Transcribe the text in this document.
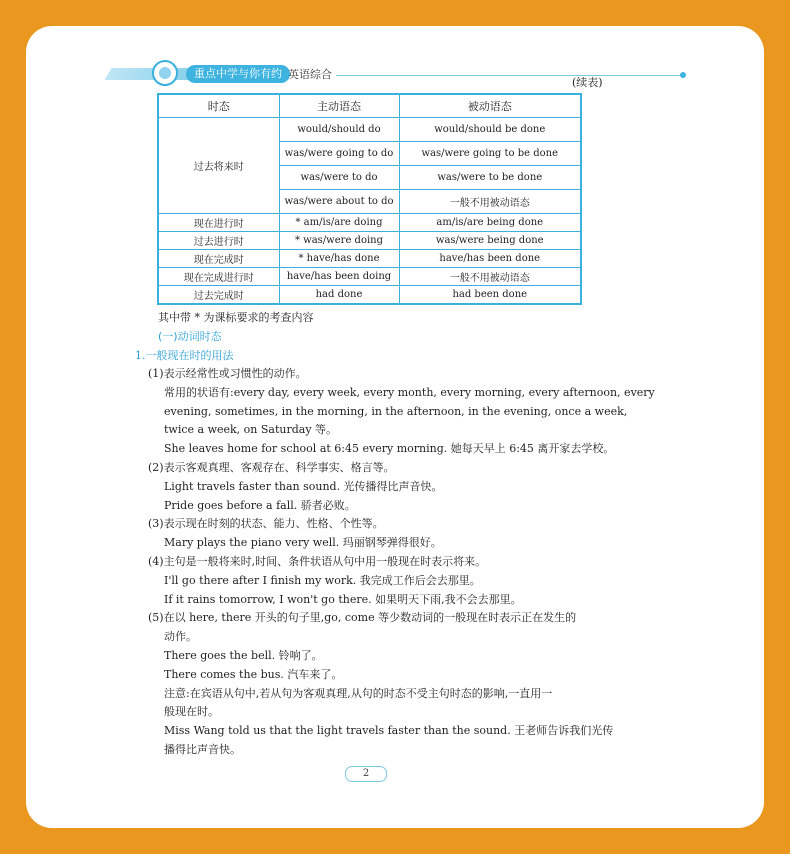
重点中学与你有约 英语综合
(续表)
时态	主动语态	被动语态
过去将来时	would/should do	would/should be done
	was/were going to do	was/were going to be done
	was/were to do	was/were to be done
	was/were about to do	一般不用被动语态
现在进行时	* am/is/are doing	am/is/are being done
过去进行时	* was/were doing	was/were being done
现在完成时	* have/has done	have/has been done
现在完成进行时	have/has been doing	一般不用被动语态
过去完成时	had done	had been done
其中带 * 为课标要求的考查内容
(一)动词时态
1.一般现在时的用法
(1)表示经常性或习惯性的动作。
常用的状语有:every day, every week, every month, every morning, every afternoon, every
evening, sometimes, in the morning, in the afternoon, in the evening, once a week,
twice a week, on Saturday 等。
She leaves home for school at 6:45 every morning. 她每天早上 6:45 离开家去学校。
(2)表示客观真理、客观存在、科学事实、格言等。
Light travels faster than sound. 光传播得比声音快。
Pride goes before a fall. 骄者必败。
(3)表示现在时刻的状态、能力、性格、个性等。
Mary plays the piano very well. 玛丽钢琴弹得很好。
(4)主句是一般将来时,时间、条件状语从句中用一般现在时表示将来。
I'll go there after I finish my work. 我完成工作后会去那里。
If it rains tomorrow, I won't go there. 如果明天下雨,我不会去那里。
(5)在以 here, there 开头的句子里,go, come 等少数动词的一般现在时表示正在发生的
动作。
There goes the bell. 铃响了。
There comes the bus. 汽车来了。
注意:在宾语从句中,若从句为客观真理,从句的时态不受主句时态的影响,一直用一
般现在时。
Miss Wang told us that the light travels faster than the sound. 王老师告诉我们光传
播得比声音快。
2
